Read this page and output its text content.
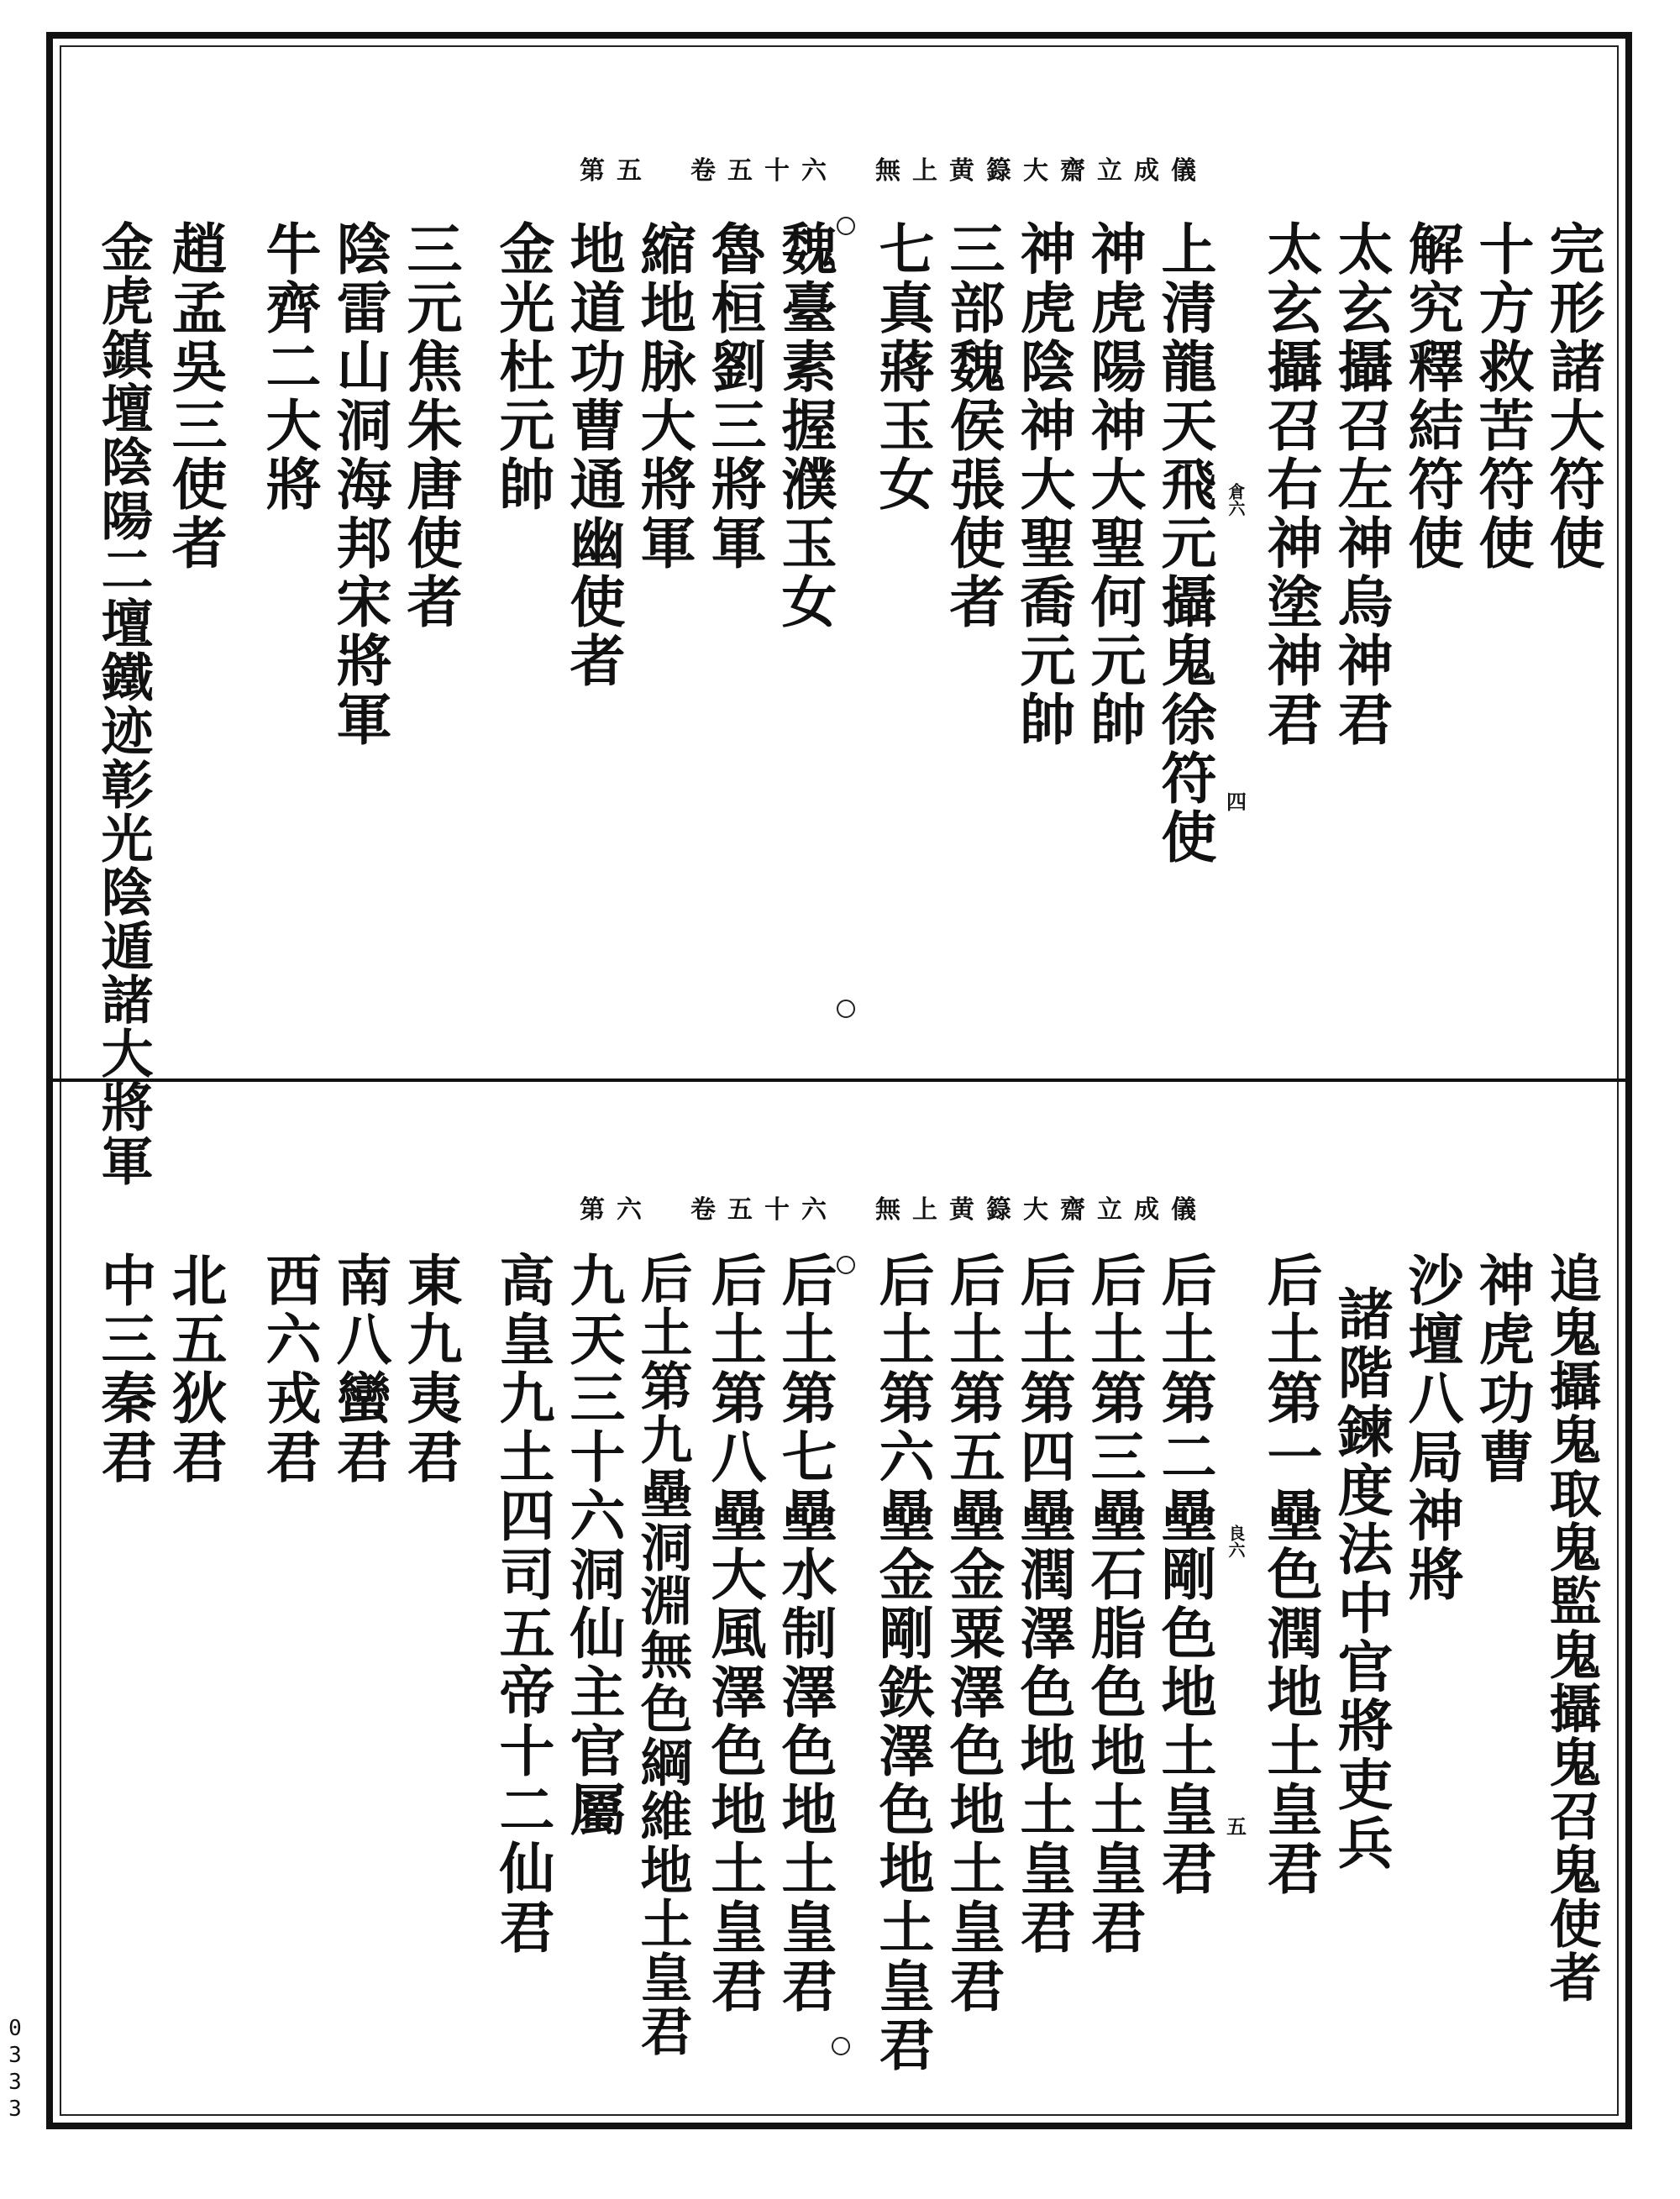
第五 卷五十六 無上黄籙大齋立成儀
完形諸大符使
十方救苦符使
解究釋結符使
太玄攝召左神烏神君
太玄攝召右神塗神君
上清龍天飛元攝鬼徐符使
神虎陽神大聖何元帥
神虎陰神大聖喬元帥
三部魏侯張使者
七真蔣玉女
魏臺素握濮玉女
魯桓劉三將軍
縮地脉大將軍
地道功曹通幽使者
金光杜元帥
三元焦朱唐使者
陰雷山洞海邦宋將軍
牛齊二大將
趙孟吳三使者
金虎鎮壇陰陽二壇鐵迹彰光陰遁諸大將軍	倉六
四
第六 卷五十六 無上黄籙大齋立成儀
追鬼攝鬼取鬼監鬼攝鬼召鬼使者
神虎功曹
沙壇八局神將
諸階鍊度法中官將吏兵
后土第一壘色潤地土皇君
后土第二壘剛色地土皇君
后土第三壘石脂色地土皇君
后土第四壘潤澤色地土皇君
后土第五壘金粟澤色地土皇君
后土第六壘金剛鉄澤色地土皇君
后土第七壘水制澤色地土皇君
后土第八壘大風澤色地土皇君
后土第九壘洞淵無色綱維地土皇君
九天三十六洞仙主官屬
高皇九土四司五帝十二仙君
東九夷君
南八蠻君
西六戎君
北五狄君
中三秦君
良六
五
0333
